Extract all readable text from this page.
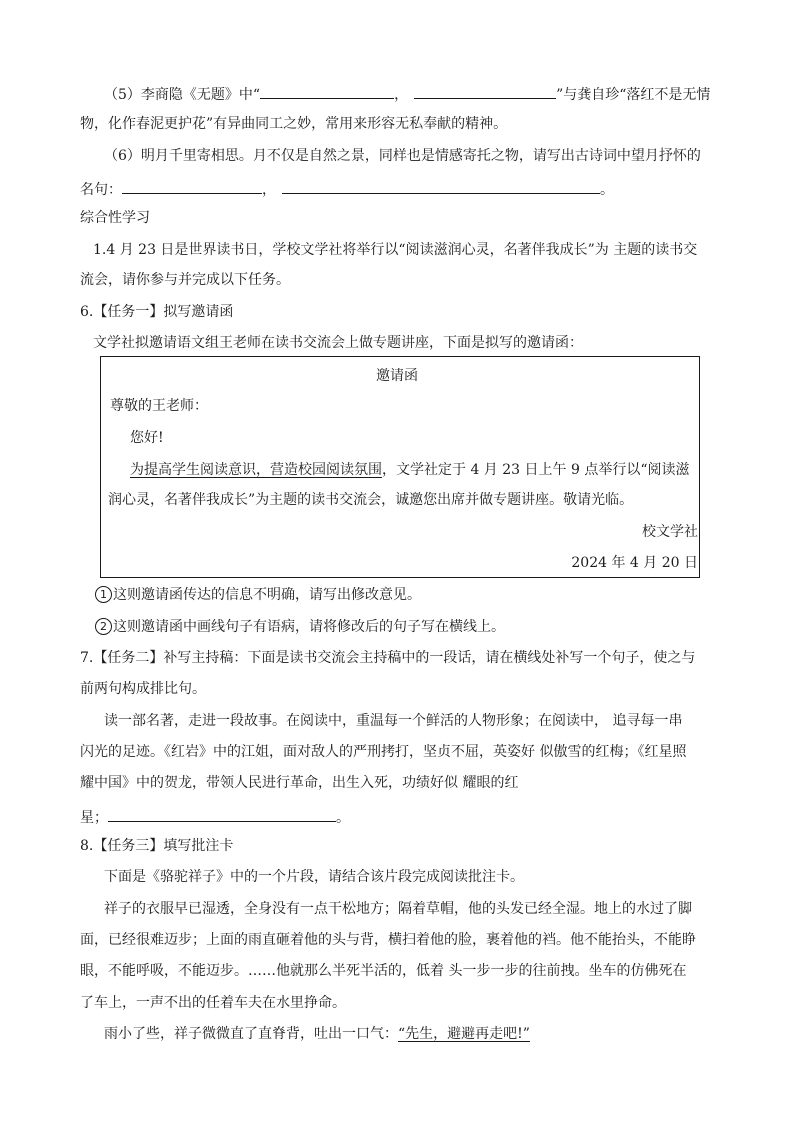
（5）李商隐《无题》中“	，	”与龚自珍“落红不是无情
物，化作春泥更护花”有异曲同工之妙，常用来形容无私奉献的精神。
（6）明月千里寄相思。月不仅是自然之景，同样也是情感寄托之物，请写出古诗词中望月抒怀的
名句：	，	。
综合性学习
1.4 月 23 日是世界读书日，学校文学社将举行以“阅读滋润心灵，名著伴我成长”为 主题的读书交
流会，请你参与并完成以下任务。
6.【任务一】拟写邀请函
文学社拟邀请语文组王老师在读书交流会上做专题讲座，下面是拟写的邀请函：
邀请函
尊敬的王老师：
您好!
为提高学生阅读意识，营造校园阅读氛围，文学社定于 4 月 23 日上午 9 点举行以“阅读滋
润心灵，名著伴我成长”为主题的读书交流会，诚邀您出席并做专题讲座。敬请光临。
校文学社
2024 年 4 月 20 日
1 这则邀请函传达的信息不明确，请写出修改意见。
2 这则邀请函中画线句子有语病，请将修改后的句子写在横线上。
7.【任务二】补写主持稿：下面是读书交流会主持稿中的一段话，请在横线处补写一个句子，使之与
前两句构成排比句。
读一部名著，走进一段故事。在阅读中，重温每一个鲜活的人物形象；在阅读中， 追寻每一串
闪光的足迹。《红岩》中的江姐，面对敌人的严刑拷打，坚贞不屈，英姿好 似傲雪的红梅；《红星照
耀中国》中的贺龙，带领人民进行革命，出生入死，功绩好似 耀眼的红
星；	。
8.【任务三】填写批注卡
下面是《骆驼祥子》中的一个片段，请结合该片段完成阅读批注卡。
祥子的衣服早已湿透，全身没有一点干松地方；隔着草帽，他的头发已经全湿。地上的水过了脚
面，已经很难迈步；上面的雨直砸着他的头与背，横扫着他的脸，裹着他的裆。他不能抬头，不能睁
眼，不能呼吸，不能迈步。……他就那么半死半活的，低着 头一步一步的往前拽。坐车的仿佛死在
了车上，一声不出的任着车夫在水里挣命。
雨小了些，祥子微微直了直脊背，吐出一口气：“先生，避避再走吧!”
